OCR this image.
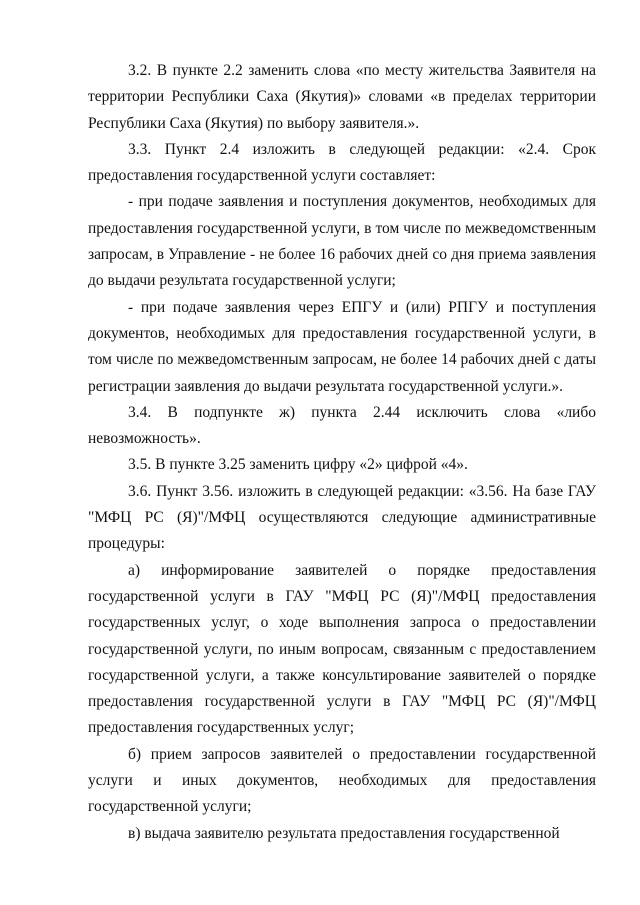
3.2. В пункте 2.2 заменить слова «по месту жительства Заявителя на территории Республики Саха (Якутия)» словами «в пределах территории Республики Саха (Якутия) по выбору заявителя.».

3.3. Пункт 2.4 изложить в следующей редакции: «2.4. Срок предоставления государственной услуги составляет:

- при подаче заявления и поступления документов, необходимых для предоставления государственной услуги, в том числе по межведомственным запросам, в Управление - не более 16 рабочих дней со дня приема заявления до выдачи результата государственной услуги;

- при подаче заявления через ЕПГУ и (или) РПГУ и поступления документов, необходимых для предоставления государственной услуги, в том числе по межведомственным запросам, не более 14 рабочих дней с даты регистрации заявления до выдачи результата государственной услуги.».

3.4. В подпункте ж) пункта 2.44 исключить слова «либо невозможность».

3.5. В пункте 3.25 заменить цифру «2» цифрой «4».

3.6. Пункт 3.56. изложить в следующей редакции: «3.56. На базе ГАУ "МФЦ РС (Я)"/МФЦ осуществляются следующие административные процедуры:

а) информирование заявителей о порядке предоставления государственной услуги в ГАУ "МФЦ РС (Я)"/МФЦ предоставления государственных услуг, о ходе выполнения запроса о предоставлении государственной услуги, по иным вопросам, связанным с предоставлением государственной услуги, а также консультирование заявителей о порядке предоставления государственной услуги в ГАУ "МФЦ РС (Я)"/МФЦ предоставления государственных услуг;

б) прием запросов заявителей о предоставлении государственной услуги и иных документов, необходимых для предоставления государственной услуги;

в) выдача заявителю результата предоставления государственной
